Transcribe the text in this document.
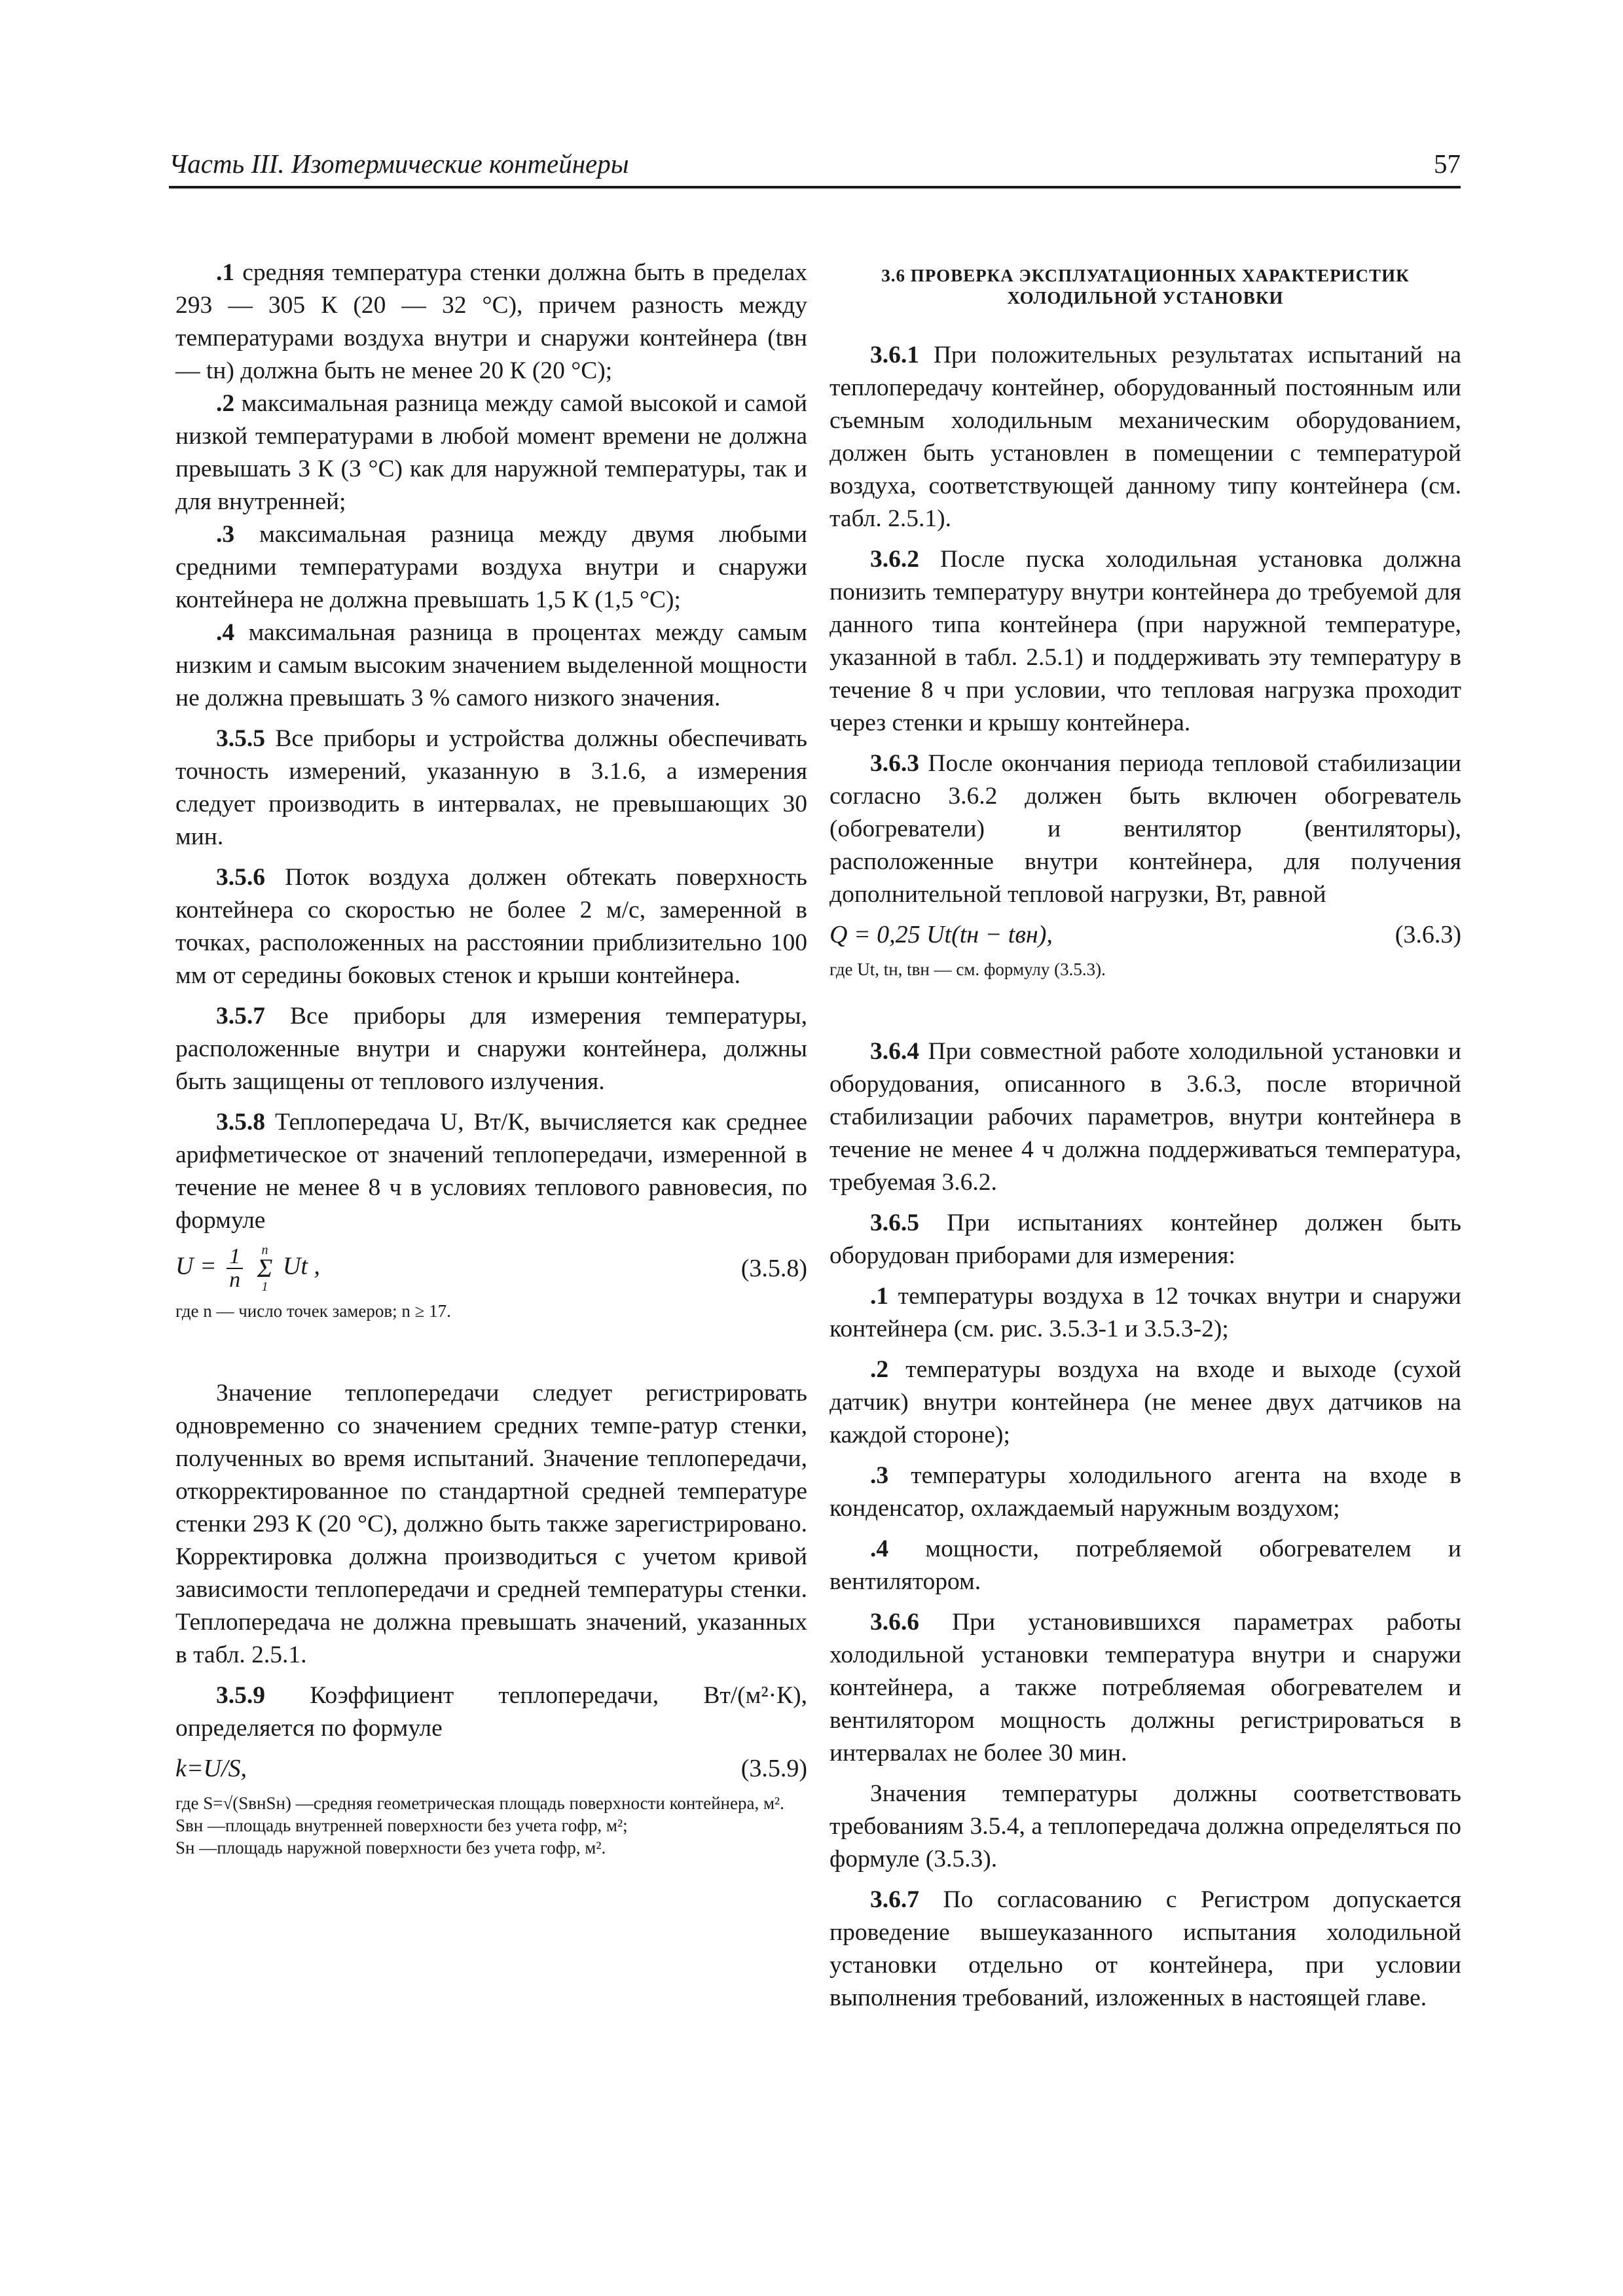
Часть III. Изотермические контейнеры	57

.1 средняя температура стенки должна быть в пределах 293 — 305 К (20 — 32 °С), причем разность между температурами воздуха внутри и снаружи контейнера (tвн — tн) должна быть не менее 20 К (20 °С);

.2 максимальная разница между самой высокой и самой низкой температурами в любой момент времени не должна превышать 3 К (3 °С) как для наружной температуры, так и для внутренней;

.3 максимальная разница между двумя любыми средними температурами воздуха внутри и снаружи контейнера не должна превышать 1,5 К (1,5 °С);

.4 максимальная разница в процентах между самым низким и самым высоким значением выделенной мощности не должна превышать 3 % самого низкого значения.

3.5.5 Все приборы и устройства должны обеспечивать точность измерений, указанную в 3.1.6, а измерения следует производить в интервалах, не превышающих 30 мин.

3.5.6 Поток воздуха должен обтекать поверхность контейнера со скоростью не более 2 м/с, замеренной в точках, расположенных на расстоянии приблизительно 100 мм от середины боковых стенок и крыши контейнера.

3.5.7 Все приборы для измерения температуры, расположенные внутри и снаружи контейнера, должны быть защищены от теплового излучения.

3.5.8 Теплопередача U, Вт/К, вычисляется как среднее арифметическое от значений теплопередачи, измеренной в течение не менее 8 ч в условиях теплового равновесия, по формуле

$U = \frac{1}{n}$
n
Σ
1
Ut ,	(3.5.8)
где n — число точек замеров; n ≥ 17.

Значение теплопередачи следует регистрировать одновременно со значением средних темпе-ратур стенки, полученных во время испытаний. Значение теплопередачи, откорректированное по стандартной средней температуре стенки 293 К (20 °С), должно быть также зарегистрировано. Корректировка должна производиться с учетом кривой зависимости теплопередачи и средней температуры стенки. Теплопередача не должна превышать значений, указанных в табл. 2.5.1.

3.5.9 Коэффициент теплопередачи, Вт/(м²·К), определяется по формуле

k=U/S,	(3.5.9)
где S=√(SвнSн) — средняя геометрическая площадь поверхности контейнера, м².
Sвн — площадь внутренней поверхности без учета гофр, м²;
Sн — площадь наружной поверхности без учета гофр, м².
3.6 ПРОВЕРКА ЭКСПЛУАТАЦИОННЫХ ХАРАКТЕРИСТИК ХОЛОДИЛЬНОЙ УСТАНОВКИ

3.6.1 При положительных результатах испытаний на теплопередачу контейнер, оборудованный постоянным или съемным холодильным механическим оборудованием, должен быть установлен в помещении с температурой воздуха, соответствующей данному типу контейнера (см. табл. 2.5.1).

3.6.2 После пуска холодильная установка должна понизить температуру внутри контейнера до требуемой для данного типа контейнера (при наружной температуре, указанной в табл. 2.5.1) и поддерживать эту температуру в течение 8 ч при условии, что тепловая нагрузка проходит через стенки и крышу контейнера.

3.6.3 После окончания периода тепловой стабилизации согласно 3.6.2 должен быть включен обогреватель (обогреватели) и вентилятор (вентиляторы), расположенные внутри контейнера, для получения дополнительной тепловой нагрузки, Вт, равной

Q = 0,25 Ut(tн − tвн),	(3.6.3)
где Ut, tн, tвн — см. формулу (3.5.3).

3.6.4 При совместной работе холодильной установки и оборудования, описанного в 3.6.3, после вторичной стабилизации рабочих параметров, внутри контейнера в течение не менее 4 ч должна поддерживаться температура, требуемая 3.6.2.

3.6.5 При испытаниях контейнер должен быть оборудован приборами для измерения:

.1 температуры воздуха в 12 точках внутри и снаружи контейнера (см. рис. 3.5.3-1 и 3.5.3-2);

.2 температуры воздуха на входе и выходе (сухой датчик) внутри контейнера (не менее двух датчиков на каждой стороне);

.3 температуры холодильного агента на входе в конденсатор, охлаждаемый наружным воздухом;

.4 мощности, потребляемой обогревателем и вентилятором.

3.6.6 При установившихся параметрах работы холодильной установки температура внутри и снаружи контейнера, а также потребляемая обогревателем и вентилятором мощность должны регистрироваться в интервалах не более 30 мин.

Значения температуры должны соответствовать требованиям 3.5.4, а теплопередача должна определяться по формуле (3.5.3).

3.6.7 По согласованию с Регистром допускается проведение вышеуказанного испытания холодильной установки отдельно от контейнера, при условии выполнения требований, изложенных в настоящей главе.
